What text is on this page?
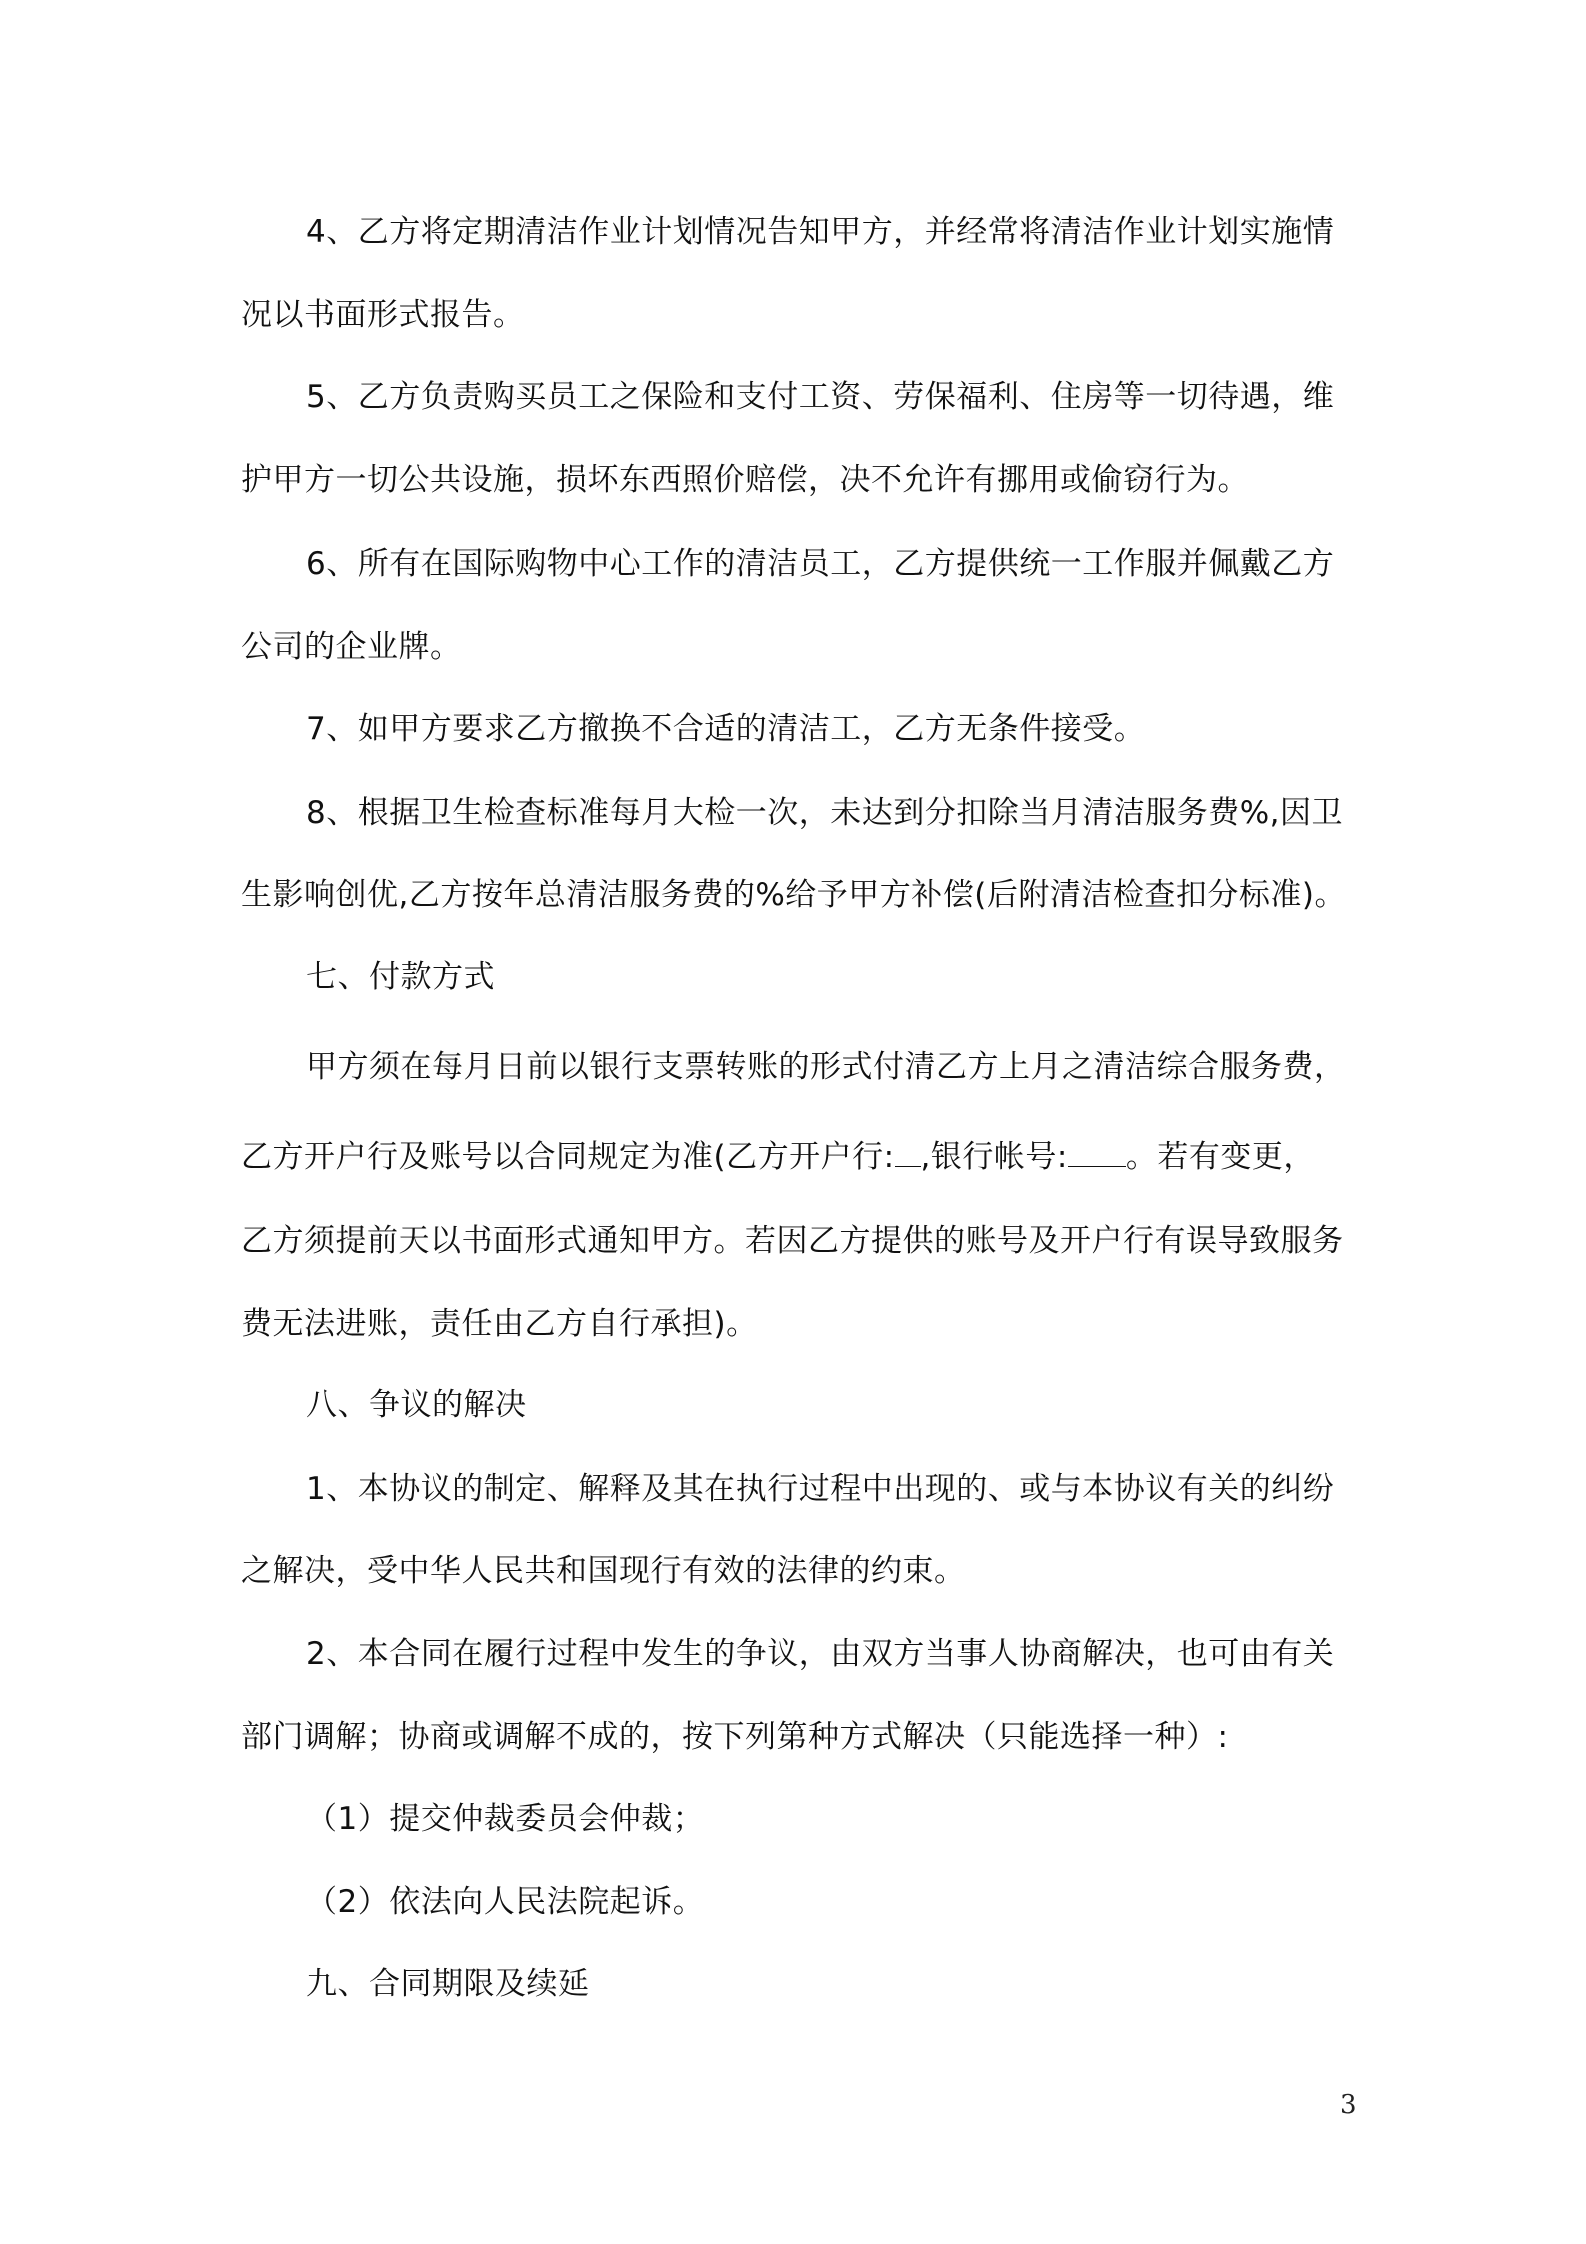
4、乙方将定期清洁作业计划情况告知甲方，并经常将清洁作业计划实施情
况以书面形式报告。
5、乙方负责购买员工之保险和支付工资、劳保福利、住房等一切待遇，维
护甲方一切公共设施，损坏东西照价赔偿，决不允许有挪用或偷窃行为。
6、所有在国际购物中心工作的清洁员工，乙方提供统一工作服并佩戴乙方
公司的企业牌。
7、如甲方要求乙方撤换不合适的清洁工，乙方无条件接受。
8、根据卫生检查标准每月大检一次，未达到分扣除当月清洁服务费%,因卫
生影响创优,乙方按年总清洁服务费的%给予甲方补偿(后附清洁检查扣分标准)。
七、付款方式
甲方须在每月日前以银行支票转账的形式付清乙方上月之清洁综合服务费，
乙方开户行及账号以合同规定为准(乙方开户行: ,银行帐号: 。若有变更，
乙方须提前天以书面形式通知甲方。若因乙方提供的账号及开户行有误导致服务
费无法进账，责任由乙方自行承担)。
八、争议的解决
1、本协议的制定、解释及其在执行过程中出现的、或与本协议有关的纠纷
之解决，受中华人民共和国现行有效的法律的约束。
2、本合同在履行过程中发生的争议，由双方当事人协商解决，也可由有关
部门调解；协商或调解不成的，按下列第种方式解决（只能选择一种）:
（1）提交仲裁委员会仲裁；
（2）依法向人民法院起诉。
九、合同期限及续延
3
